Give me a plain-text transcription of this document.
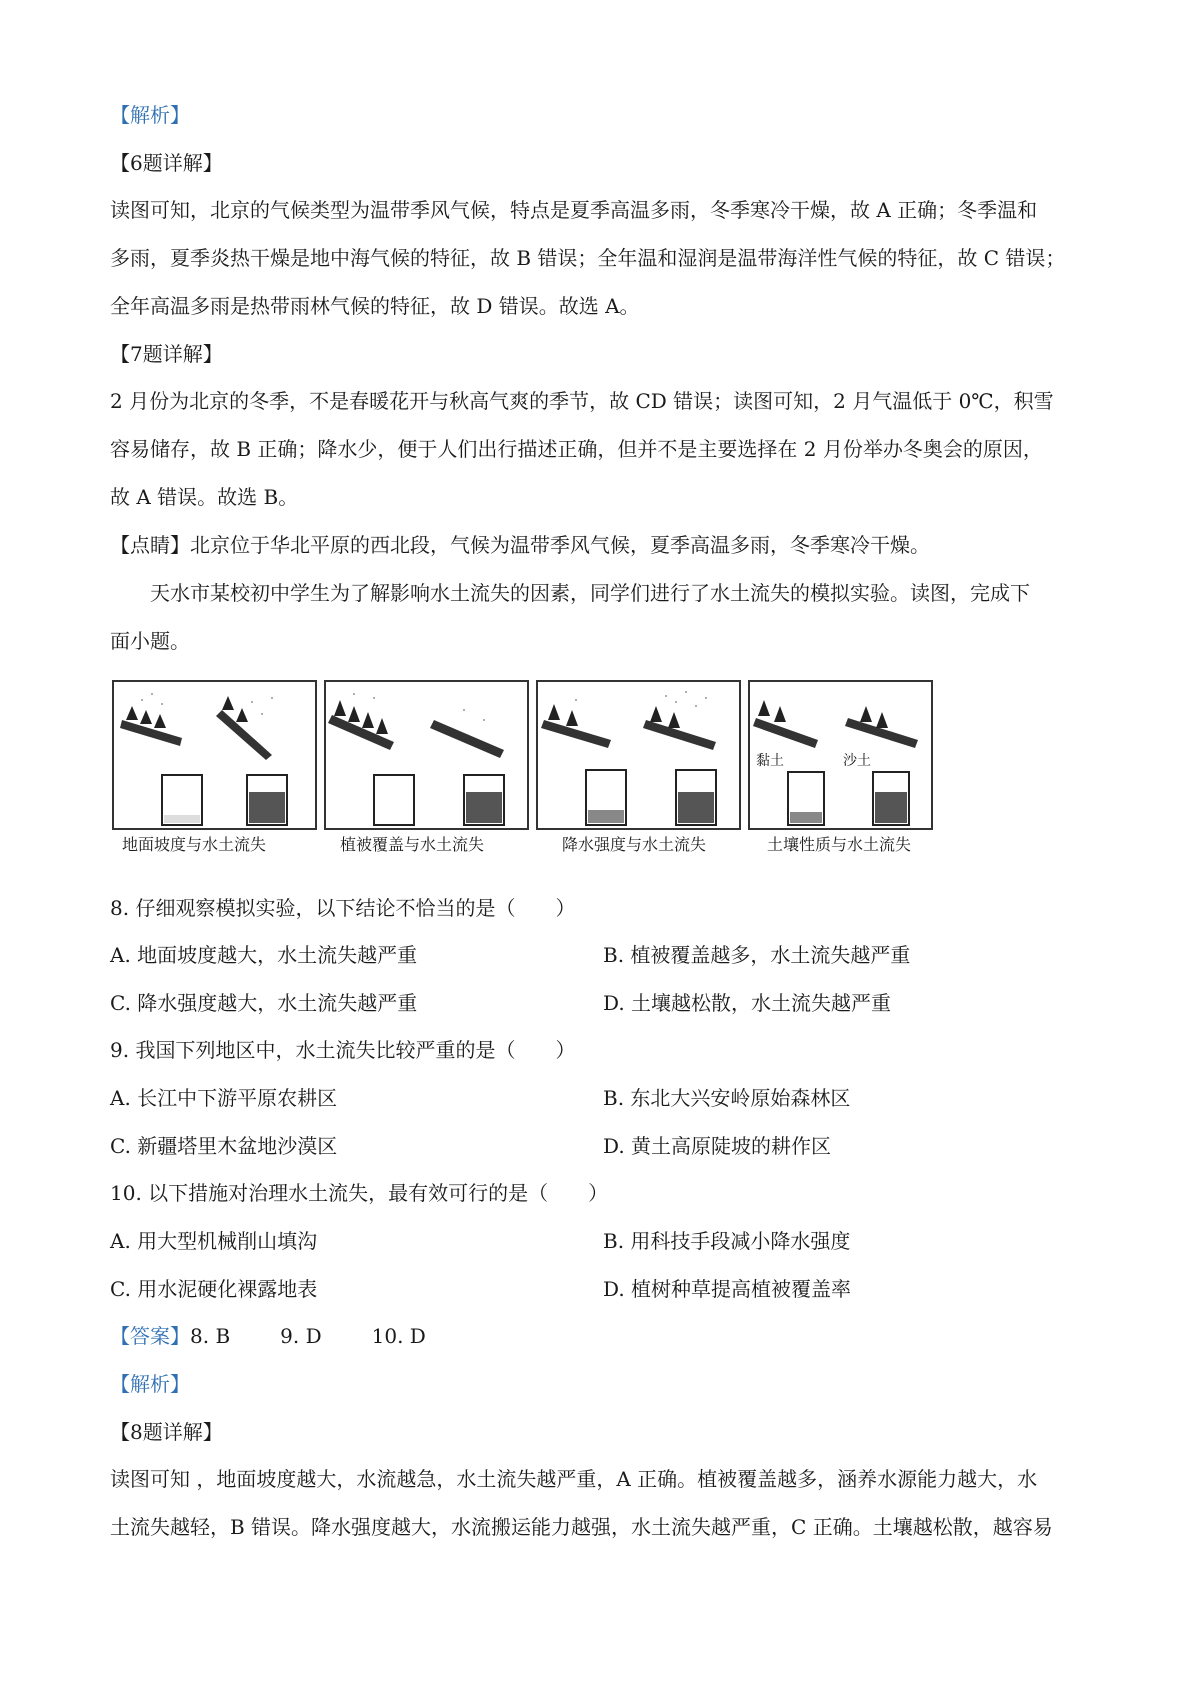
【解析】
【6题详解】
读图可知，北京的气候类型为温带季风气候，特点是夏季高温多雨，冬季寒冷干燥，故 A 正确；冬季温和
多雨，夏季炎热干燥是地中海气候的特征，故 B 错误；全年温和湿润是温带海洋性气候的特征，故 C 错误；
全年高温多雨是热带雨林气候的特征，故 D 错误。故选 A。
【7题详解】
2 月份为北京的冬季，不是春暖花开与秋高气爽的季节，故 CD 错误；读图可知，2 月气温低于 0℃，积雪
容易储存，故 B 正确；降水少，便于人们出行描述正确，但并不是主要选择在 2 月份举办冬奥会的原因，
故 A 错误。故选 B。
【点睛】北京位于华北平原的西北段，气候为温带季风气候，夏季高温多雨，冬季寒冷干燥。
天水市某校初中学生为了解影响水土流失的因素，同学们进行了水土流失的模拟实验。读图，完成下
面小题。
黏土	沙土
地面坡度与水土流失	植被覆盖与水土流失	降水强度与水土流失	土壤性质与水土流失
8. 仔细观察模拟实验，以下结论不恰当的是（　　）
A. 地面坡度越大，水土流失越严重	B. 植被覆盖越多，水土流失越严重
C. 降水强度越大，水土流失越严重	D. 土壤越松散，水土流失越严重
9. 我国下列地区中，水土流失比较严重的是（　　）
A. 长江中下游平原农耕区	B. 东北大兴安岭原始森林区
C. 新疆塔里木盆地沙漠区	D. 黄土高原陡坡的耕作区
10. 以下措施对治理水土流失，最有效可行的是（　　）
A. 用大型机械削山填沟	B. 用科技手段减小降水强度
C. 用水泥硬化裸露地表	D. 植树种草提高植被覆盖率
【答案】8. B	9. D	10. D
【解析】
【8题详解】
读图可知 ，地面坡度越大，水流越急，水土流失越严重，A 正确。植被覆盖越多，涵养水源能力越大，水
土流失越轻，B 错误。降水强度越大，水流搬运能力越强，水土流失越严重，C 正确。土壤越松散，越容易
